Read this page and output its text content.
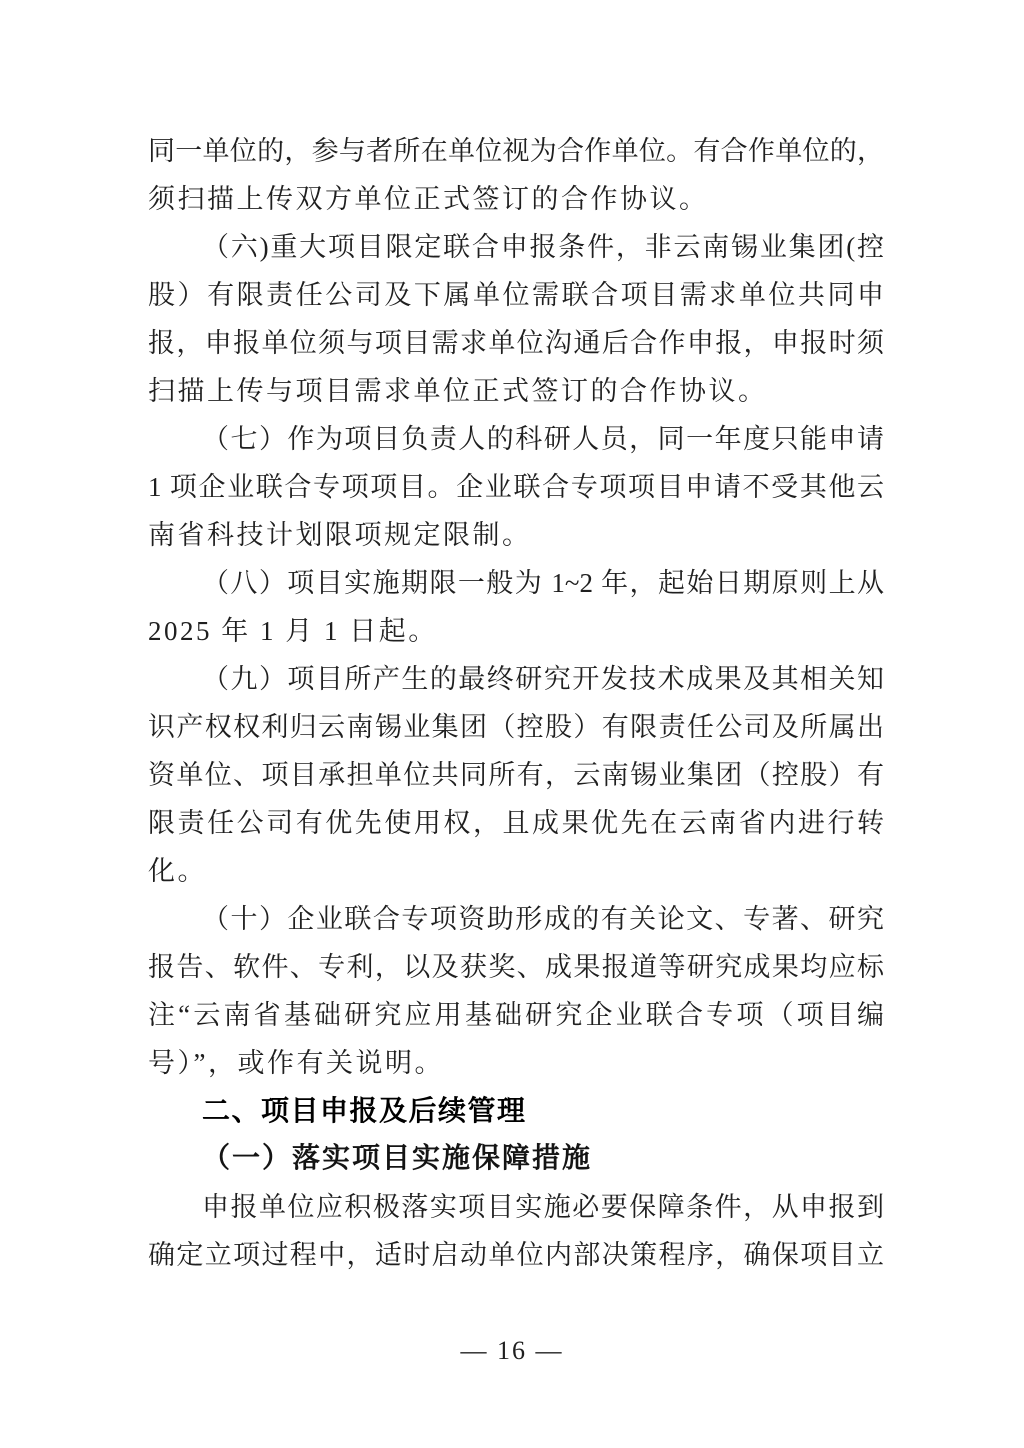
同一单位的，参与者所在单位视为合作单位。有合作单位的，
须扫描上传双方单位正式签订的合作协议。
（六)重大项目限定联合申报条件，非云南锡业集团(控
股）有限责任公司及下属单位需联合项目需求单位共同申
报，申报单位须与项目需求单位沟通后合作申报，申报时须
扫描上传与项目需求单位正式签订的合作协议。
（七）作为项目负责人的科研人员，同一年度只能申请
1 项企业联合专项项目。企业联合专项项目申请不受其他云
南省科技计划限项规定限制。
（八）项目实施期限一般为 1~2 年，起始日期原则上从
2025 年 1 月 1 日起。
（九）项目所产生的最终研究开发技术成果及其相关知
识产权权利归云南锡业集团（控股）有限责任公司及所属出
资单位、项目承担单位共同所有，云南锡业集团（控股）有
限责任公司有优先使用权，且成果优先在云南省内进行转
化。
（十）企业联合专项资助形成的有关论文、专著、研究
报告、软件、专利，以及获奖、成果报道等研究成果均应标
注“云南省基础研究应用基础研究企业联合专项（项目编
号）”，或作有关说明。
二、项目申报及后续管理
（一）落实项目实施保障措施
申报单位应积极落实项目实施必要保障条件，从申报到
确定立项过程中，适时启动单位内部决策程序，确保项目立
— 16 —
